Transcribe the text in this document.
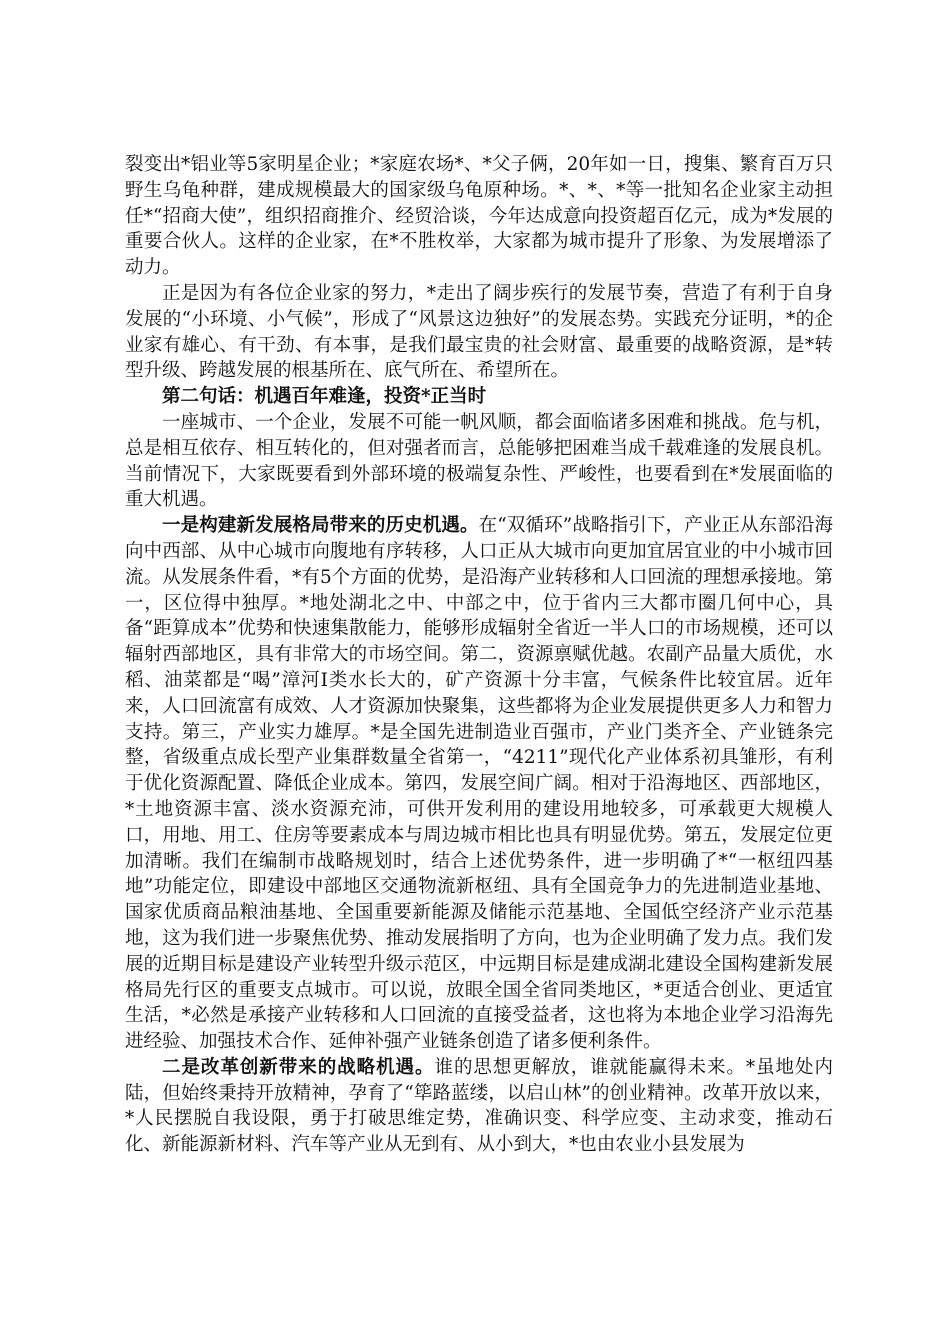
裂变出*铝业等5家明星企业；*家庭农场*、*父子俩，20年如一日，搜集、繁育百万只野生乌龟种群，建成规模最大的国家级乌龟原种场。*、*、*等一批知名企业家主动担任*“招商大使”，组织招商推介、经贸洽谈，今年达成意向投资超百亿元，成为*发展的重要合伙人。这样的企业家，在*不胜枚举，大家都为城市提升了形象、为发展增添了动力。

正是因为有各位企业家的努力，*走出了阔步疾行的发展节奏，营造了有利于自身发展的“小环境、小气候”，形成了“风景这边独好”的发展态势。实践充分证明，*的企业家有雄心、有干劲、有本事，是我们最宝贵的社会财富、最重要的战略资源，是*转型升级、跨越发展的根基所在、底气所在、希望所在。

第二句话：机遇百年难逢，投资*正当时

一座城市、一个企业，发展不可能一帆风顺，都会面临诸多困难和挑战。危与机，总是相互依存、相互转化的，但对强者而言，总能够把困难当成千载难逢的发展良机。当前情况下，大家既要看到外部环境的极端复杂性、严峻性，也要看到在*发展面临的重大机遇。

一是构建新发展格局带来的历史机遇。在“双循环”战略指引下，产业正从东部沿海向中西部、从中心城市向腹地有序转移，人口正从大城市向更加宜居宜业的中小城市回流。从发展条件看，*有5个方面的优势，是沿海产业转移和人口回流的理想承接地。第一，区位得中独厚。*地处湖北之中、中部之中，位于省内三大都市圈几何中心，具备“距算成本”优势和快速集散能力，能够形成辐射全省近一半人口的市场规模，还可以辐射西部地区，具有非常大的市场空间。第二，资源禀赋优越。农副产品量大质优，水稻、油菜都是“喝”漳河Ⅰ类水长大的，矿产资源十分丰富，气候条件比较宜居。近年来，人口回流富有成效、人才资源加快聚集，这些都将为企业发展提供更多人力和智力支持。第三，产业实力雄厚。*是全国先进制造业百强市，产业门类齐全、产业链条完整，省级重点成长型产业集群数量全省第一，“4211”现代化产业体系初具雏形，有利于优化资源配置、降低企业成本。第四，发展空间广阔。相对于沿海地区、西部地区，*土地资源丰富、淡水资源充沛，可供开发利用的建设用地较多，可承载更大规模人口，用地、用工、住房等要素成本与周边城市相比也具有明显优势。第五，发展定位更加清晰。我们在编制市战略规划时，结合上述优势条件，进一步明确了*“一枢纽四基地”功能定位，即建设中部地区交通物流新枢纽、具有全国竞争力的先进制造业基地、国家优质商品粮油基地、全国重要新能源及储能示范基地、全国低空经济产业示范基地，这为我们进一步聚焦优势、推动发展指明了方向，也为企业明确了发力点。我们发展的近期目标是建设产业转型升级示范区，中远期目标是建成湖北建设全国构建新发展格局先行区的重要支点城市。可以说，放眼全国全省同类地区，*更适合创业、更适宜生活，*必然是承接产业转移和人口回流的直接受益者，这也将为本地企业学习沿海先进经验、加强技术合作、延伸补强产业链条创造了诸多便利条件。

二是改革创新带来的战略机遇。谁的思想更解放，谁就能赢得未来。*虽地处内陆，但始终秉持开放精神，孕育了“筚路蓝缕，以启山林”的创业精神。改革开放以来，*人民摆脱自我设限，勇于打破思维定势，准确识变、科学应变、主动求变，推动石化、新能源新材料、汽车等产业从无到有、从小到大，*也由农业小县发展为
